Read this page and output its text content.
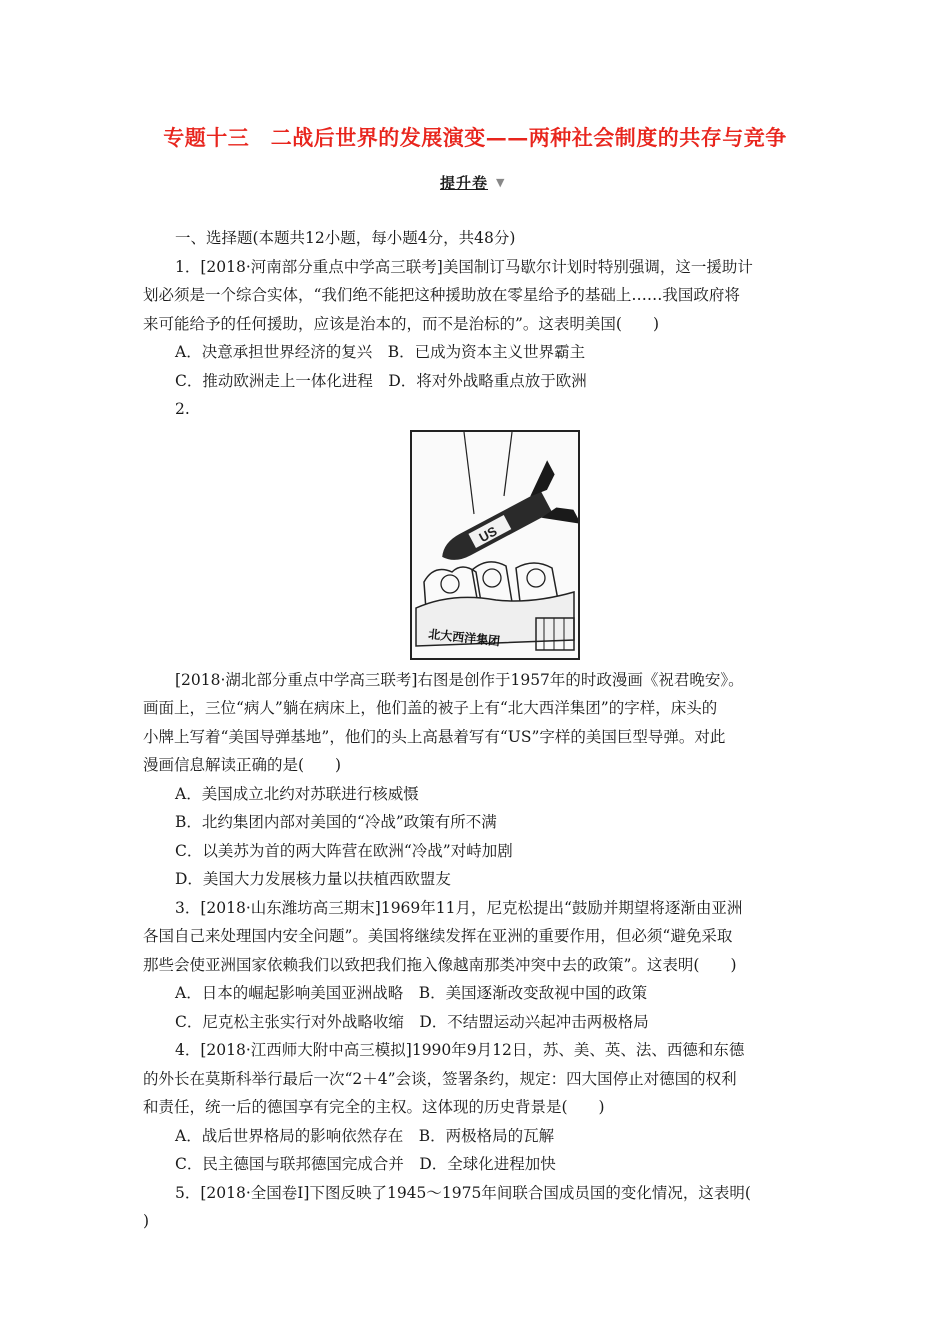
专题十三　二战后世界的发展演变——两种社会制度的共存与竞争
提升卷 ▼
一、选择题(本题共12小题，每小题4分，共48分)
1．[2018·河南部分重点中学高三联考]美国制订马歇尔计划时特别强调，这一援助计
划必须是一个综合实体，“我们绝不能把这种援助放在零星给予的基础上……我国政府将
来可能给予的任何援助，应该是治本的，而不是治标的”。这表明美国(　　)
A．决意承担世界经济的复兴　B．已成为资本主义世界霸主
C．推动欧洲走上一体化进程　D．将对外战略重点放于欧洲
2.
US
北大西洋集团
[2018·湖北部分重点中学高三联考]右图是创作于1957年的时政漫画《祝君晚安》。
画面上，三位“病人”躺在病床上，他们盖的被子上有“北大西洋集团”的字样，床头的
小牌上写着“美国导弹基地”，他们的头上高悬着写有“US”字样的美国巨型导弹。对此
漫画信息解读正确的是(　　)
A．美国成立北约对苏联进行核威慑
B．北约集团内部对美国的“冷战”政策有所不满
C．以美苏为首的两大阵营在欧洲“冷战”对峙加剧
D．美国大力发展核力量以扶植西欧盟友
3．[2018·山东潍坊高三期末]1969年11月，尼克松提出“鼓励并期望将逐渐由亚洲
各国自己来处理国内安全问题”。美国将继续发挥在亚洲的重要作用，但必须“避免采取
那些会使亚洲国家依赖我们以致把我们拖入像越南那类冲突中去的政策”。这表明(　　)
A．日本的崛起影响美国亚洲战略　B．美国逐渐改变敌视中国的政策
C．尼克松主张实行对外战略收缩　D．不结盟运动兴起冲击两极格局
4．[2018·江西师大附中高三模拟]1990年9月12日，苏、美、英、法、西德和东德
的外长在莫斯科举行最后一次“2＋4”会谈，签署条约，规定：四大国停止对德国的权利
和责任，统一后的德国享有完全的主权。这体现的历史背景是(　　)
A．战后世界格局的影响依然存在　B．两极格局的瓦解
C．民主德国与联邦德国完成合并　D．全球化进程加快
5．[2018·全国卷Ⅰ]下图反映了1945～1975年间联合国成员国的变化情况，这表明(
)
